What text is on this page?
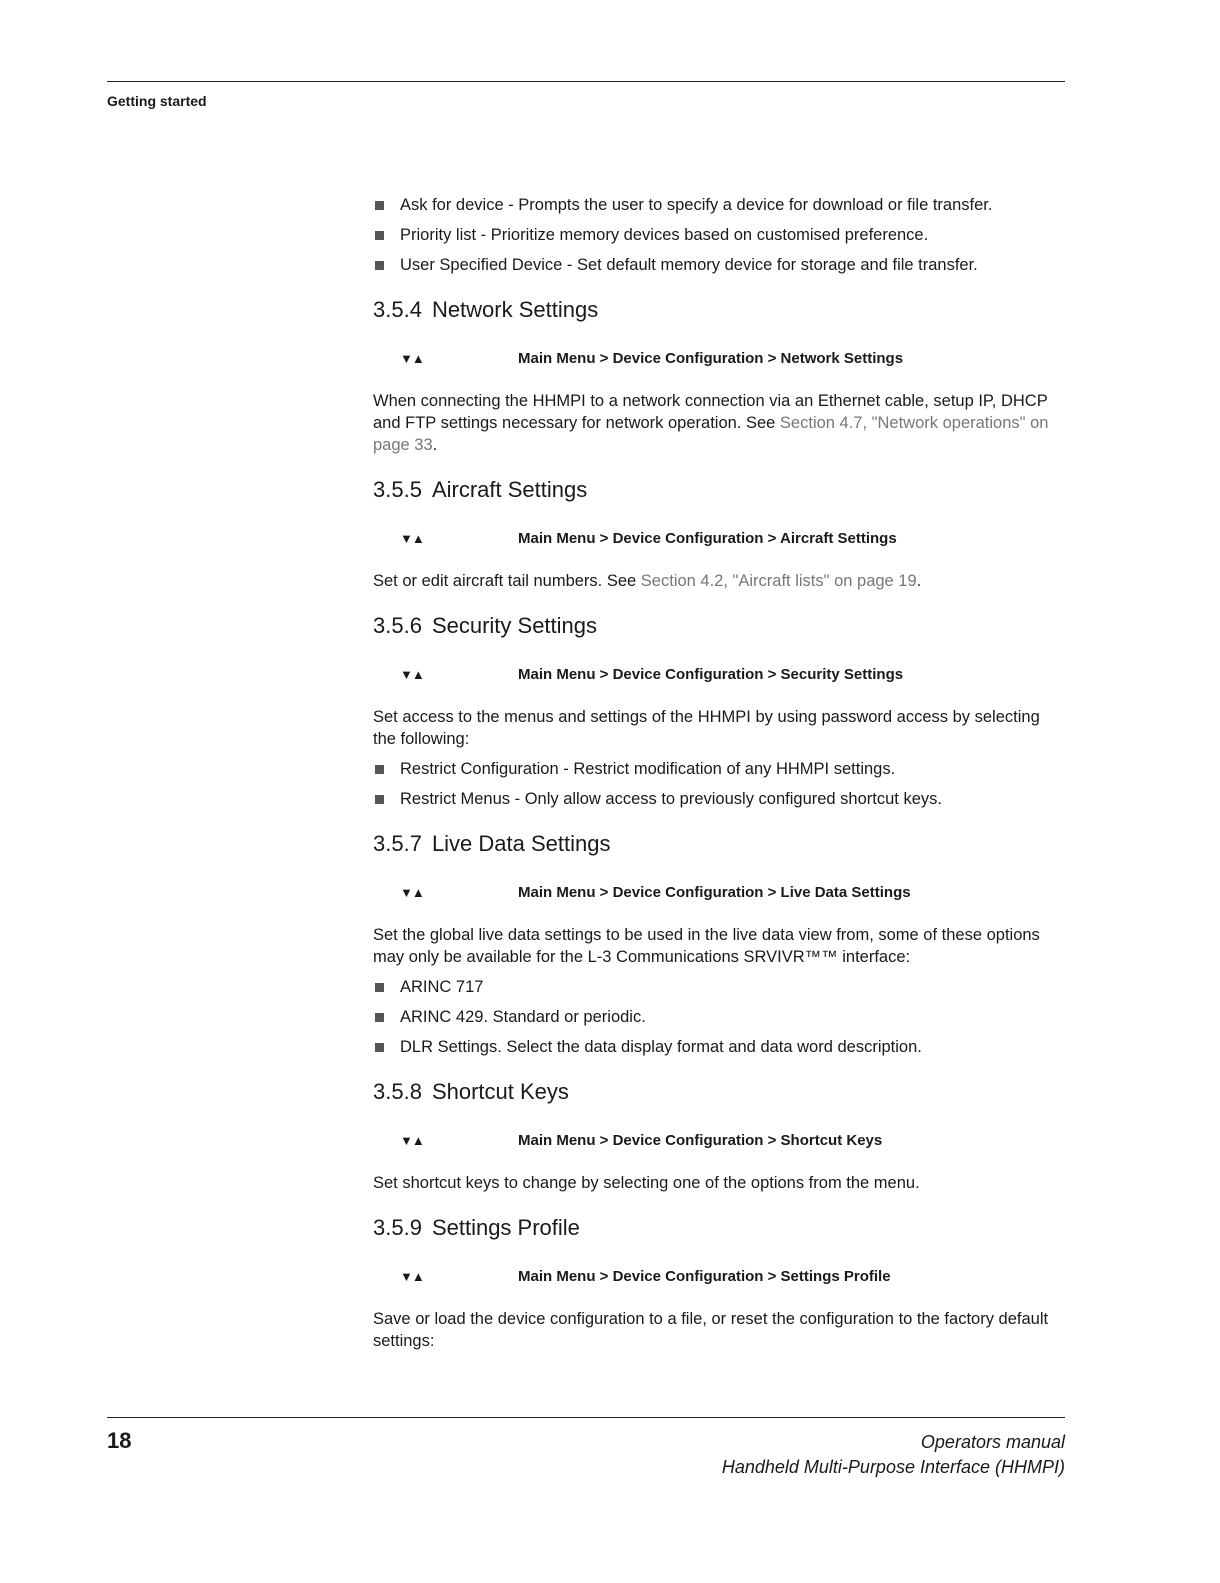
Getting started
Ask for device - Prompts the user to specify a device for download or file transfer.
Priority list - Prioritize memory devices based on customised preference.
User Specified Device - Set default memory device for storage and file transfer.
3.5.4 Network Settings
▼▲	Main Menu > Device Configuration > Network Settings

When connecting the HHMPI to a network connection via an Ethernet cable, setup IP, DHCP and FTP settings necessary for network operation. See Section 4.7, "Network operations" on page 33.

3.5.5 Aircraft Settings
▼▲	Main Menu > Device Configuration > Aircraft Settings

Set or edit aircraft tail numbers. See Section 4.2, "Aircraft lists" on page 19.

3.5.6 Security Settings
▼▲	Main Menu > Device Configuration > Security Settings

Set access to the menus and settings of the HHMPI by using password access by selecting the following:

Restrict Configuration - Restrict modification of any HHMPI settings.
Restrict Menus - Only allow access to previously configured shortcut keys.
3.5.7 Live Data Settings
▼▲	Main Menu > Device Configuration > Live Data Settings

Set the global live data settings to be used in the live data view from, some of these options may only be available for the L-3 Communications SRVIVR™™ interface:

ARINC 717
ARINC 429. Standard or periodic.
DLR Settings. Select the data display format and data word description.
3.5.8 Shortcut Keys
▼▲	Main Menu > Device Configuration > Shortcut Keys

Set shortcut keys to change by selecting one of the options from the menu.

3.5.9 Settings Profile
▼▲	Main Menu > Device Configuration > Settings Profile

Save or load the device configuration to a file, or reset the configuration to the factory default settings:

18	Operators manual
Handheld Multi-Purpose Interface (HHMPI)
